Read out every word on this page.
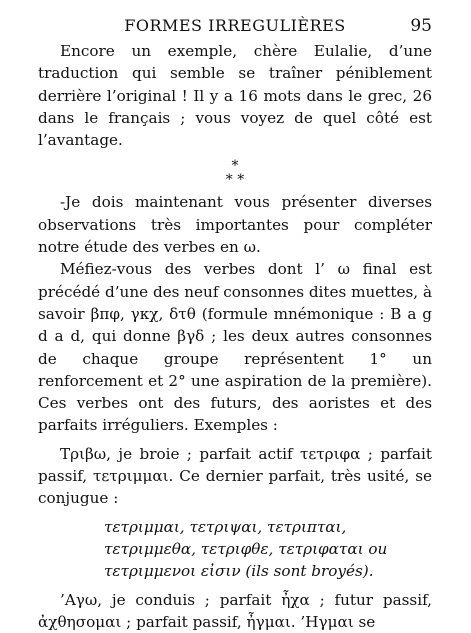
FORMES IRREGULIÈRES	95

Encore un exemple, chère Eulalie, d’une traduction qui semble se traîner péniblement derrière l’original ! Il y a 16 mots dans le grec, 26 dans le français ; vous voyez de quel côté est l’avantage.

*
* *

-Je dois maintenant vous présenter diverses observations très importantes pour compléter notre étude des verbes en ω.

Méfiez-vous des verbes dont l’ ω final est précédé d’une des neuf consonnes dites muettes, à savoir βπφ, γκχ, δτθ (formule mnémonique : B a g d a d, qui donne βγδ ; les deux autres consonnes de chaque groupe représentent 1° un renforcement et 2° une aspiration de la première). Ces verbes ont des futurs, des aoristes et des parfaits irréguliers. Exemples :

Τριβω, je broie ; parfait actif τετριφα ; parfait passif, τετριμμαι. Ce dernier parfait, très usité, se conjugue :

τετριμμαι, τετριψαι, τετριπται,
τετριμμεθα, τετριφθε, τετριφαται ou
τετριμμενοι εἰσιν (ils sont broyés).

’Αγω, je conduis ; parfait ἦχα ; futur passif, ἀχθησομαι ; parfait passif, ἦγμαι. ’Ηγμαι se
